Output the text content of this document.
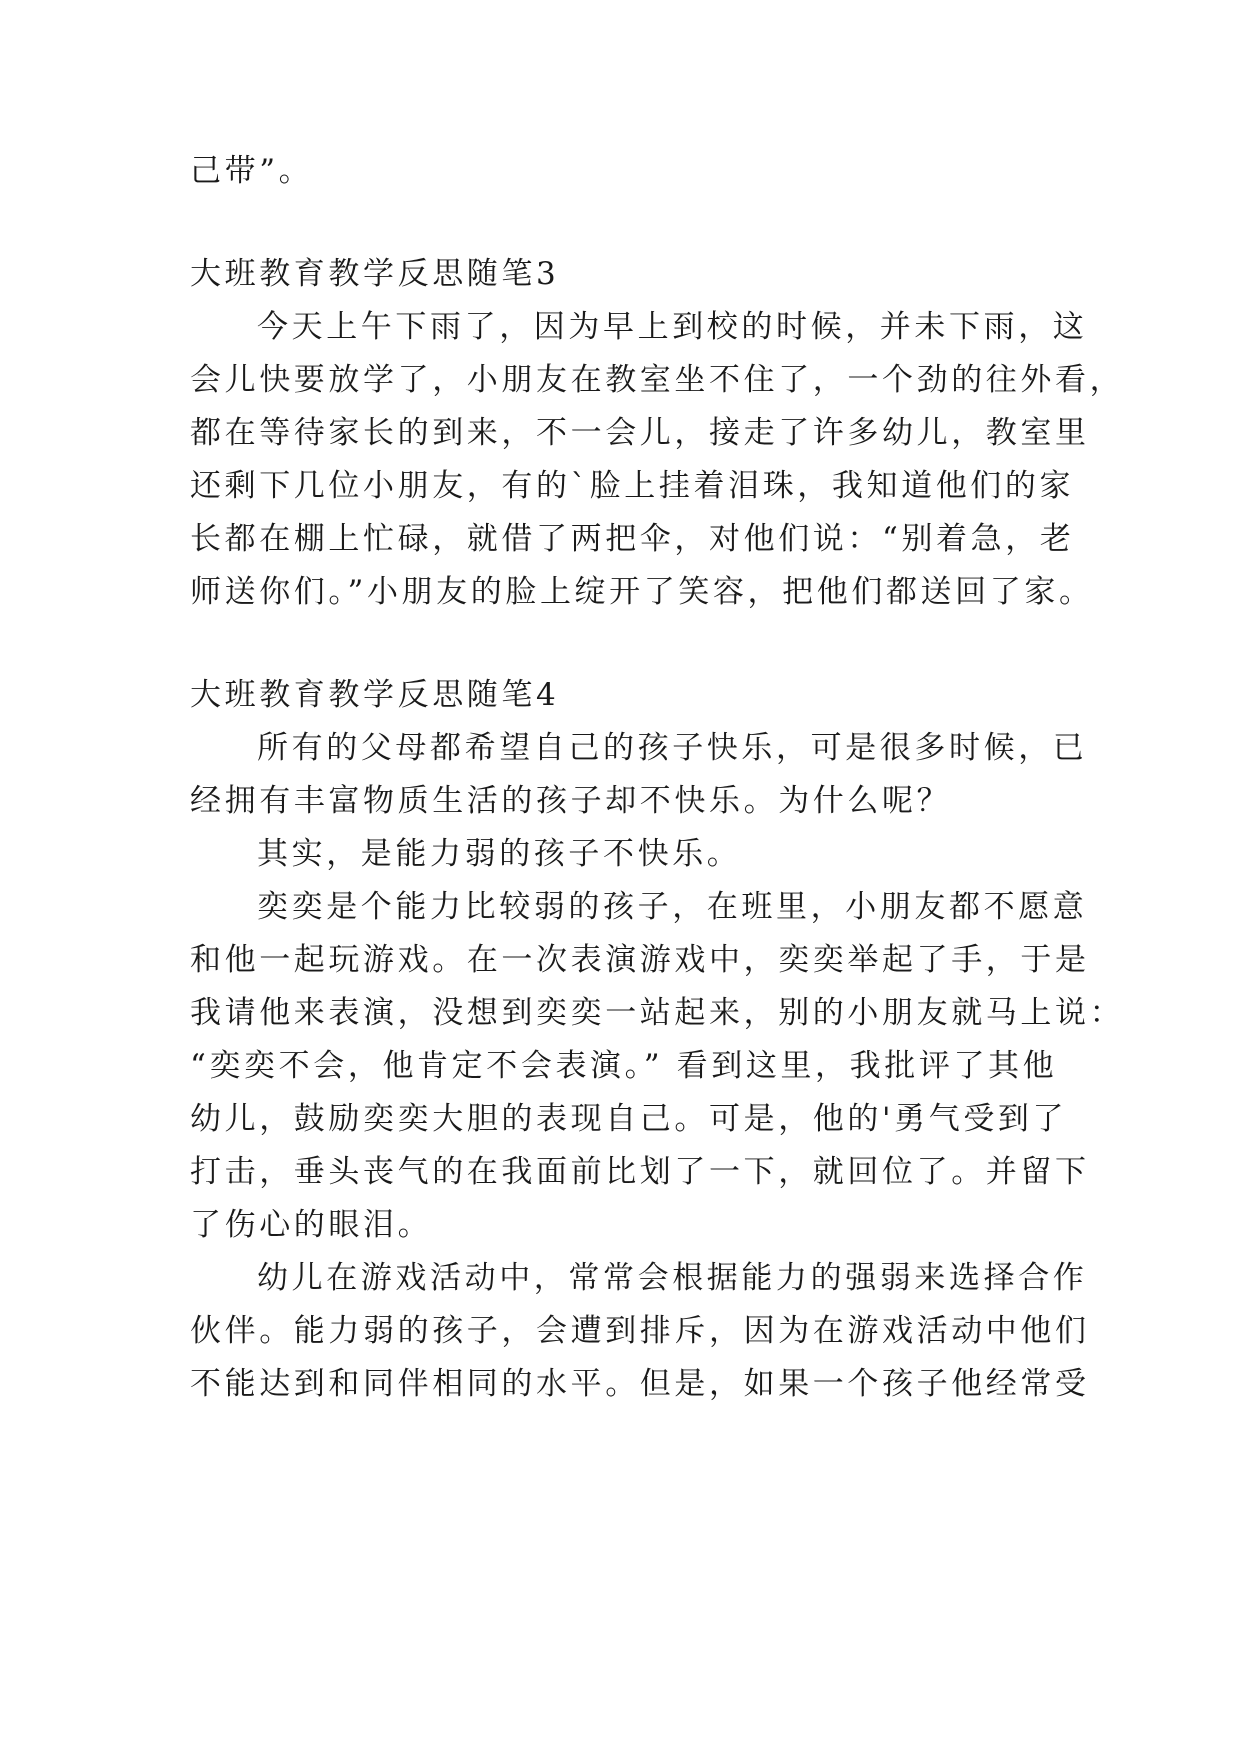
己带”。

大班教育教学反思随笔3

今天上午下雨了，因为早上到校的时候，并未下雨，这

会儿快要放学了，小朋友在教室坐不住了，一个劲的往外看，

都在等待家长的到来，不一会儿，接走了许多幼儿，教室里

还剩下几位小朋友，有的`脸上挂着泪珠，我知道他们的家

长都在棚上忙碌，就借了两把伞，对他们说：“别着急，老

师送你们。”小朋友的脸上绽开了笑容，把他们都送回了家。

大班教育教学反思随笔4

所有的父母都希望自己的孩子快乐，可是很多时候，已

经拥有丰富物质生活的孩子却不快乐。为什么呢？

其实，是能力弱的孩子不快乐。

奕奕是个能力比较弱的孩子，在班里，小朋友都不愿意

和他一起玩游戏。在一次表演游戏中，奕奕举起了手，于是

我请他来表演，没想到奕奕一站起来，别的小朋友就马上说：

“奕奕不会，他肯定不会表演。” 看到这里，我批评了其他

幼儿，鼓励奕奕大胆的表现自己。可是，他的'勇气受到了

打击，垂头丧气的在我面前比划了一下，就回位了。并留下

了伤心的眼泪。

幼儿在游戏活动中，常常会根据能力的强弱来选择合作

伙伴。能力弱的孩子，会遭到排斥，因为在游戏活动中他们

不能达到和同伴相同的水平。但是，如果一个孩子他经常受
